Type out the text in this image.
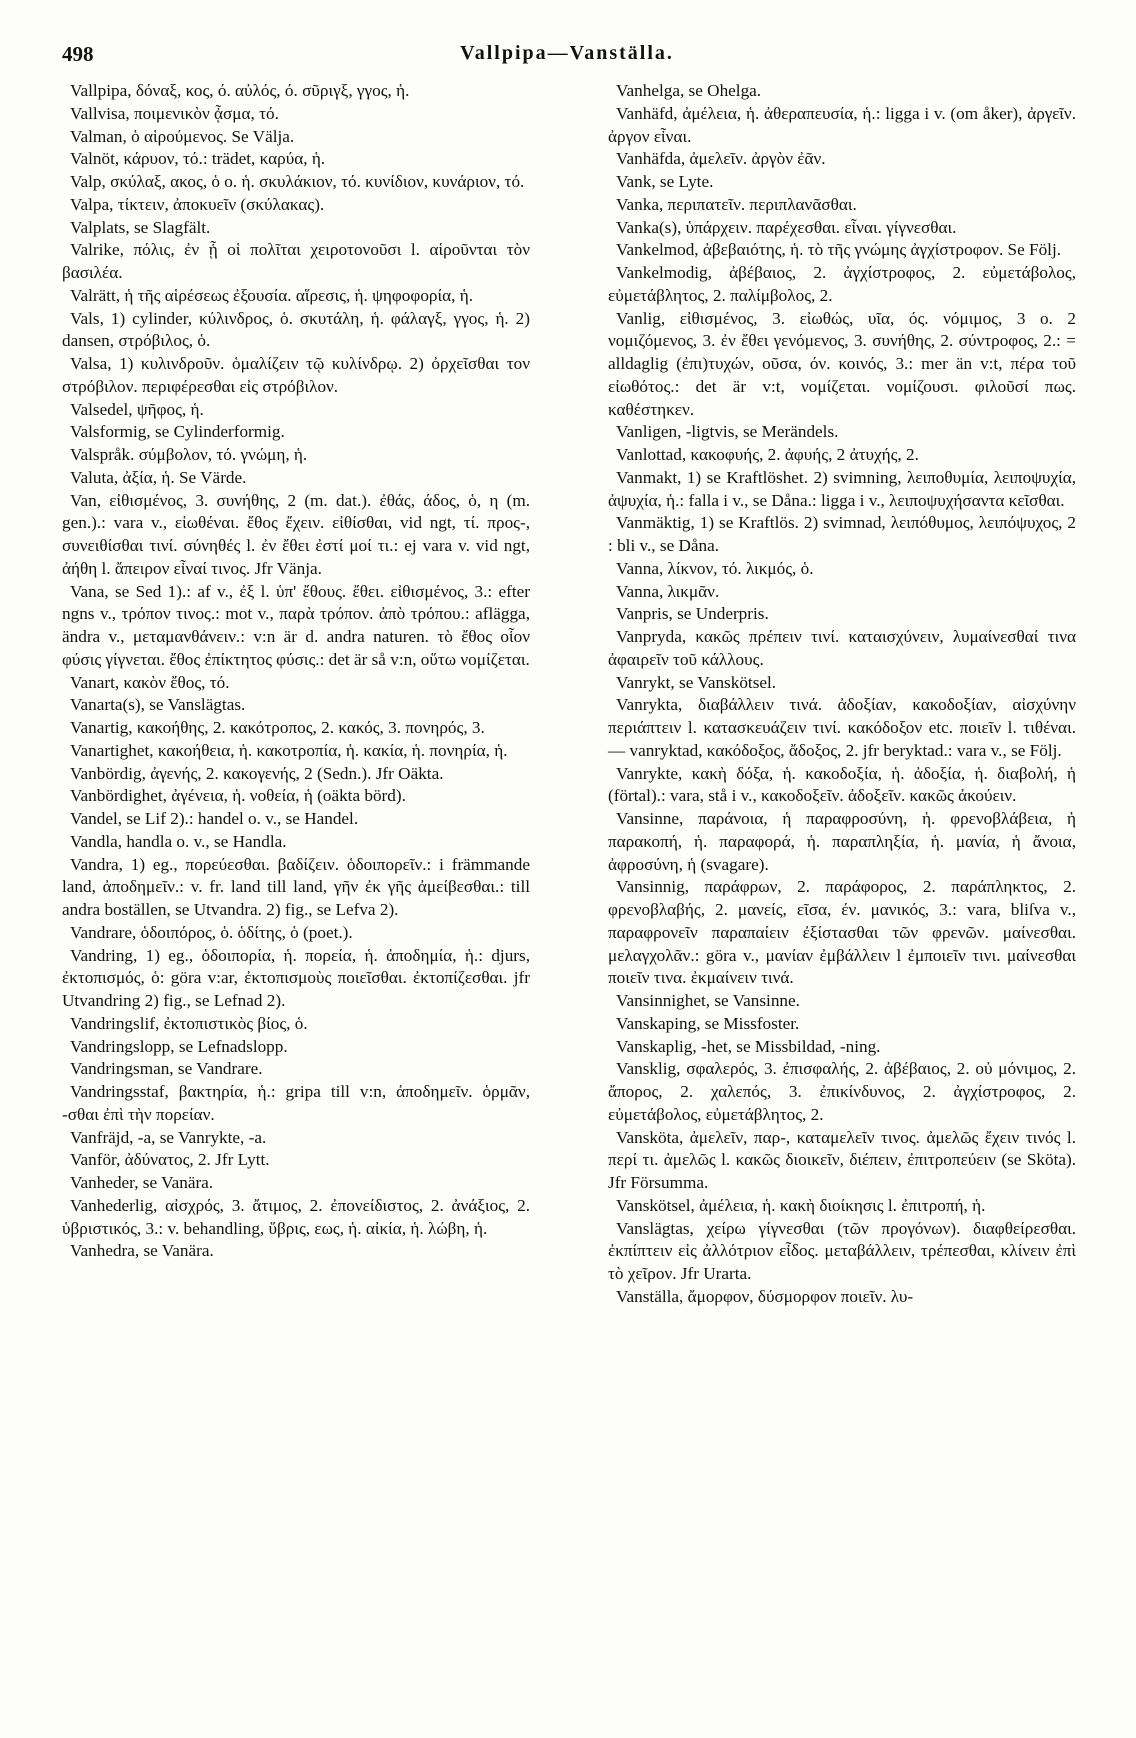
498	Vallpipa—Vanställa.

Vallpipa, δόναξ, κος, ό. αὐλός, ό. σῦριγξ, γγος, ἡ.

Vallvisa, ποιμενικὸν ᾆσμα, τό.

Valman, ὁ αἱρούμενος. Se Välja.

Valnöt, κάρυον, τό.: trädet, καρύα, ἡ.

Valp, σκύλαξ, ακος, ὁ o. ἡ. σκυλάκιον, τό. κυνίδιον, κυνάριον, τό.

Valpa, τίκτειν, ἀποκυεῖν (σκύλακας).

Valplats, se Slagfält.

Valrike, πόλις, ἐν ᾗ οἱ πολῖται χειροτονοῦσι l. αἱροῦνται τὸν βασιλέα.

Valrätt, ἡ τῆς αἱρέσεως ἐξουσία. αἵρεσις, ἡ. ψηφοφορία, ἡ.

Vals, 1) cylinder, κύλινδρος, ὁ. σκυτάλη, ἡ. φάλαγξ, γγος, ἡ. 2) dansen, στρόβιλος, ὁ.

Valsa, 1) κυλινδροῦν. ὁμαλίζειν τῷ κυλίνδρῳ. 2) ὀρχεῖσθαι τον στρόβιλον. περιφέρεσθαι εἰς στρόβιλον.

Valsedel, ψῆφος, ἡ.

Valsformig, se Cylinderformig.

Valspråk. σύμβολον, τό. γνώμη, ἡ.

Valuta, ἀξία, ἡ. Se Värde.

Van, εἰθισμένος, 3. συνήθης, 2 (m. dat.). ἐθάς, άδος, ὁ, η (m. gen.).: vara v., εἰωθέναι. ἔθος ἔχειν. εἰθίσθαι, vid ngt, τί. προς-, συνειθίσθαι τινί. σύνηθές l. ἐν ἔθει ἐστί μοί τι.: ej vara v. vid ngt, ἀήθη l. ἄπειρον εἶναί τινος. Jfr Vänja.

Vana, se Sed 1).: af v., ἐξ l. ὑπ' ἔθους. ἔθει. εἰθισμένος, 3.: efter ngns v., τρόπον τινος.: mot v., παρὰ τρόπον. ἀπὸ τρόπου.: aflägga, ändra v., μεταμανθάνειν.: v:n är d. andra naturen. τὸ ἔθος οἷον φύσις γίγνεται. ἔθος ἐπίκτητος φύσις.: det är så v:n, οὕτω νομίζεται.

Vanart, κακὸν ἔθος, τό.

Vanarta(s), se Vanslägtas.

Vanartig, κακοήθης, 2. κακότροπος, 2. κακός, 3. πονηρός, 3.

Vanartighet, κακοήθεια, ἡ. κακοτροπία, ἡ. κακία, ἡ. πονηρία, ἡ.

Vanbördig, ἀγενής, 2. κακογενής, 2 (Sedn.). Jfr Oäkta.

Vanbördighet, ἀγένεια, ἡ. νοθεία, ἡ (oäkta börd).

Vandel, se Lif 2).: handel o. v., se Handel.

Vandla, handla o. v., se Handla.

Vandra, 1) eg., πορεύεσθαι. βαδίζειν. ὁδοιπορεῖν.: i främmande land, ἀποδημεῖν.: v. fr. land till land, γῆν ἐκ γῆς ἀμείβεσθαι.: till andra boställen, se Utvandra. 2) fig., se Lefva 2).

Vandrare, ὁδοιπόρος, ὁ. ὁδίτης, ὁ (poet.).

Vandring, 1) eg., ὁδοιπορία, ἡ. πορεία, ἡ. ἀποδημία, ἡ.: djurs, ἐκτοπισμός, ὁ: göra v:ar, ἐκτοπισμοὺς ποιεῖσθαι. ἐκτοπίζεσθαι. jfr Utvandring 2) fig., se Lefnad 2).

Vandringslif, ἐκτοπιστικὸς βίος, ὁ.

Vandringslopp, se Lefnadslopp.

Vandringsman, se Vandrare.

Vandringsstaf, βακτηρία, ἡ.: gripa till v:n, ἀποδημεῖν. ὁρμᾶν, -σθαι ἐπὶ τὴν πορείαν.

Vanfräjd, -a, se Vanrykte, -a.

Vanför, ἀδύνατος, 2. Jfr Lytt.

Vanheder, se Vanära.

Vanhederlig, αἰσχρός, 3. ἄτιμος, 2. ἐπονείδιστος, 2. ἀνάξιος, 2. ὑβριστικός, 3.: v. behandling, ὕβρις, εως, ἡ. αἰκία, ἡ. λώβη, ἡ.

Vanhedra, se Vanära.

Vanhelga, se Ohelga.

Vanhäfd, ἀμέλεια, ἡ. ἀθεραπευσία, ἡ.: ligga i v. (om åker), ἀργεῖν. ἀργον εἶναι.

Vanhäfda, ἀμελεῖν. ἀργὸν ἐᾶν.

Vank, se Lyte.

Vanka, περιπατεῖν. περιπλανᾶσθαι.

Vanka(s), ὑπάρχειν. παρέχεσθαι. εἶναι. γίγνεσθαι.

Vankelmod, ἀβεβαιότης, ἡ. τὸ τῆς γνώμης ἀγχίστροφον. Se Följ.

Vankelmodig, ἀβέβαιος, 2. ἀγχίστροφος, 2. εὐμετάβολος, εὐμετάβλητος, 2. παλίμβολος, 2.

Vanlig, εἰθισμένος, 3. εἰωθώς, υῖα, ός. νόμιμος, 3 o. 2 νομιζόμενος, 3. ἐν ἔθει γενόμενος, 3. συνήθης, 2. σύντροφος, 2.: = alldaglig (ἐπι)τυχών, οῦσα, όν. κοινός, 3.: mer än v:t, πέρα τοῦ εἰωθότος.: det är v:t, νομίζεται. νομίζουσι. φιλοῦσί πως. καθέστηκεν.

Vanligen, -ligtvis, se Merändels.

Vanlottad, κακοφυής, 2. ἀφυής, 2 ἀτυχής, 2.

Vanmakt, 1) se Kraftlöshet. 2) svimning, λειποθυμία, λειποψυχία, ἀψυχία, ἡ.: falla i v., se Dåna.: ligga i v., λειποψυχήσαντα κεῖσθαι.

Vanmäktig, 1) se Kraftlös. 2) svimnad, λειπόθυμος, λειπόψυχος, 2 : bli v., se Dåna.

Vanna, λίκνον, τό. λικμός, ὁ.

Vanna, λικμᾶν.

Vanpris, se Underpris.

Vanpryda, κακῶς πρέπειν τινί. καταισχύνειν, λυμαίνεσθαί τινα ἀφαιρεῖν τοῦ κάλλους.

Vanrykt, se Vanskötsel.

Vanrykta, διαβάλλειν τινά. ἀδοξίαν, κακοδοξίαν, αἰσχύνην περιάπτειν l. κατασκευάζειν τινί. κακόδοξον etc. ποιεῖν l. τιθέναι. — vanryktad, κακόδοξος, ἄδοξος, 2. jfr beryktad.: vara v., se Följ.

Vanrykte, κακὴ δόξα, ἡ. κακοδοξία, ἡ. ἀδοξία, ἡ. διαβολή, ἡ (förtal).: vara, stå i v., κακοδοξεῖν. ἀδοξεῖν. κακῶς ἀκούειν.

Vansinne, παράνοια, ἡ παραφροσύνη, ἡ. φρενοβλάβεια, ἡ παρακοπή, ἡ. παραφορά, ἡ. παραπληξία, ἡ. μανία, ἡ ἄνοια, ἀφροσύνη, ἡ (svagare).

Vansinnig, παράφρων, 2. παράφορος, 2. παράπληκτος, 2. φρενοβλαβής, 2. μανείς, εῖσα, έν. μανικός, 3.: vara, bliſva v., παραφρονεῖν παραπαίειν ἐξίστασθαι τῶν φρενῶν. μαίνεσθαι. μελαγχολᾶν.: göra v., μανίαν ἐμβάλλειν l ἐμποιεῖν τινι. μαίνεσθαι ποιεῖν τινα. ἐκμαίνειν τινά.

Vansinnighet, se Vansinne.

Vanskaping, se Missfoster.

Vanskaplig, -het, se Missbildad, -ning.

Vansklig, σφαλερός, 3. ἐπισφαλής, 2. ἀβέβαιος, 2. οὐ μόνιμος, 2. ἄπορος, 2. χαλεπός, 3. ἐπικίνδυνος, 2. ἀγχίστροφος, 2. εὐμετάβολος, εὐμετάβλητος, 2.

Vansköta, ἀμελεῖν, παρ-, καταμελεῖν τινος. ἀμελῶς ἔχειν τινός l. περί τι. ἀμελῶς l. κακῶς διοικεῖν, διέπειν, ἐπιτροπεύειν (se Sköta). Jfr Försumma.

Vanskötsel, ἀμέλεια, ἡ. κακὴ διοίκησις l. ἐπιτροπή, ἡ.

Vanslägtas, χείρω γίγνεσθαι (τῶν προγόνων). διαφθείρεσθαι. ἐκπίπτειν εἰς ἀλλότριον εἶδος. μεταβάλλειν, τρέπεσθαι, κλίνειν ἐπὶ τὸ χεῖρον. Jfr Urarta.

Vanställa, ἄμορφον, δύσμορφον ποιεῖν. λυ-
